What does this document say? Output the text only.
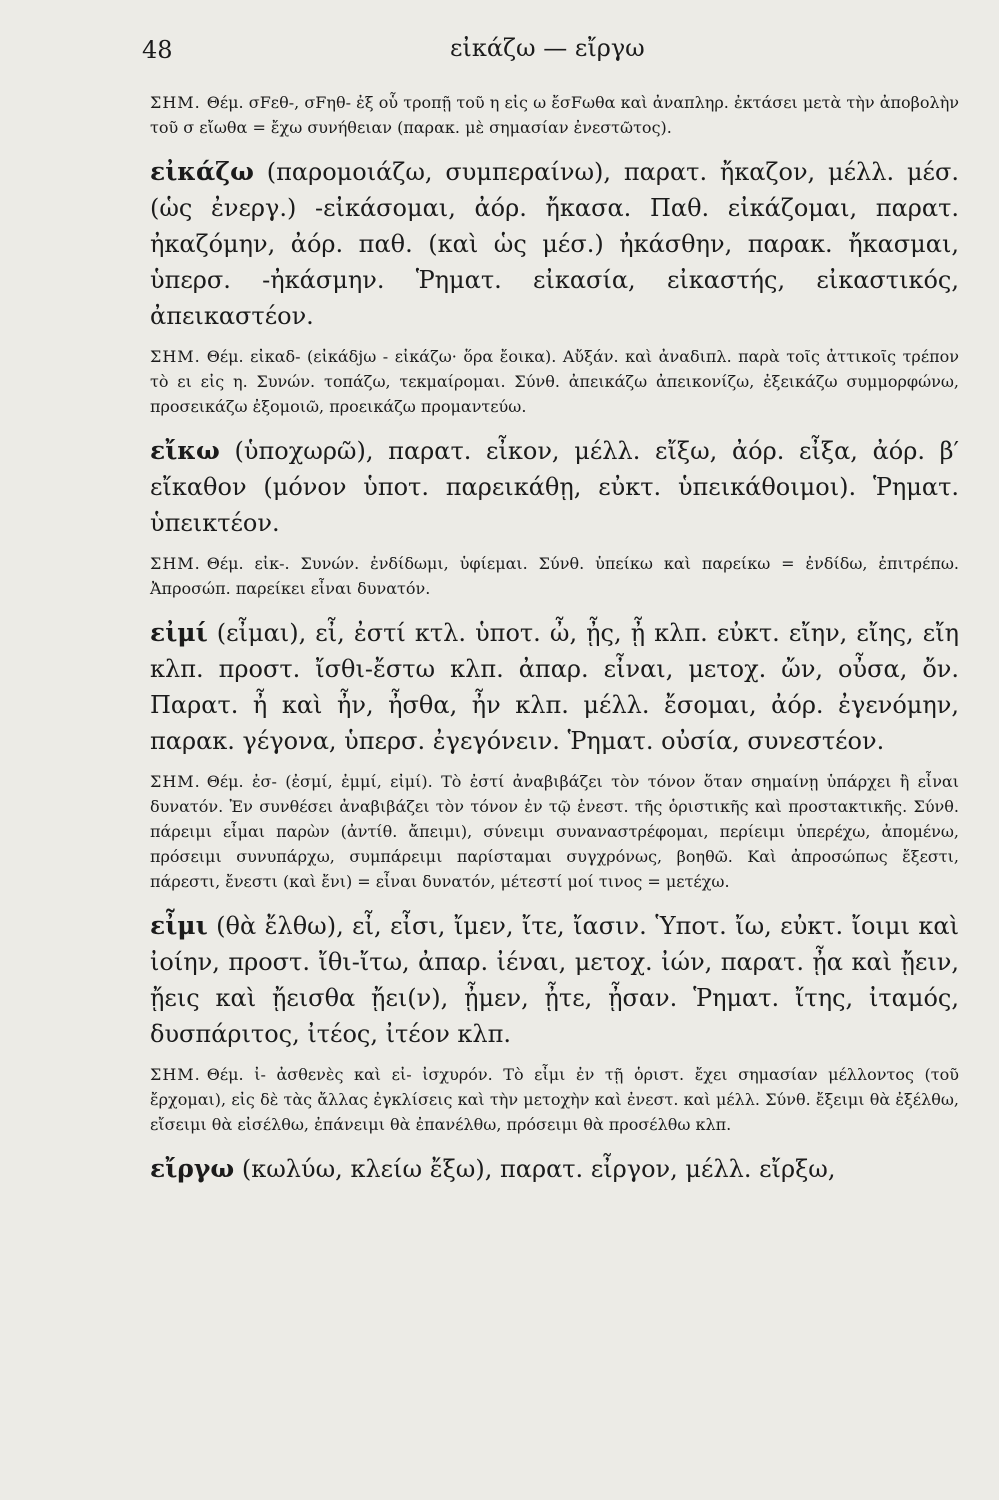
48	εἰκάζω — εἴργω
ΣΗΜ. Θέμ. σFεθ-, σFηθ- ἐξ οὗ τροπῇ τοῦ η εἰς ω ἔσFωθα καὶ ἀναπληρ. ἐκτάσει μετὰ τὴν ἀποβολὴν τοῦ σ εἴωθα = ἔχω συνήθειαν (παρακ. μὲ σημασίαν ἐνεστῶτος).
εἰκάζω (παρομοιάζω, συμπεραίνω), παρατ. ἤκαζον, μέλλ. μέσ. (ὡς ἐνεργ.) -εἰκάσομαι, ἀόρ. ἤκασα. Παθ. εἰκάζομαι, παρατ. ἠκαζόμην, ἀόρ. παθ. (καὶ ὡς μέσ.) ἠκάσθην, παρακ. ἤκασμαι, ὑπερσ. -ἠκάσμην. Ῥηματ. εἰκασία, εἰκαστής, εἰκαστικός, ἀπεικαστέον.
ΣΗΜ. Θέμ. εἰκαδ- (εἰκάδjω - εἰκάζω· ὅρα ἔοικα). Αὔξάν. καὶ ἀναδιπλ. παρὰ τοῖς ἀττικοῖς τρέπον τὸ ει εἰς η. Συνών. τοπάζω, τεκμαίρομαι. Σύνθ. ἀπεικάζω ἀπεικονίζω, ἐξεικάζω συμμορφώνω, προσεικάζω ἐξομοιῶ, προεικάζω προμαντεύω.
εἴκω (ὑποχωρῶ), παρατ. εἶκον, μέλλ. εἴξω, ἀόρ. εἶξα, ἀόρ. β′ εἴκαθον (μόνον ὑποτ. παρεικάθῃ, εὐκτ. ὑπεικάθοιμοι). Ῥηματ. ὑπεικτέον.
ΣΗΜ. Θέμ. εἰκ-. Συνών. ἐνδίδωμι, ὑφίεμαι. Σύνθ. ὑπείκω καὶ παρείκω = ἐνδίδω, ἐπιτρέπω. Ἀπροσώπ. παρείκει εἶναι δυνατόν.
εἰμί (εἶμαι), εἶ, ἐστί κτλ. ὑποτ. ὦ, ᾖς, ᾖ κλπ. εὐκτ. εἴην, εἴης, εἴη κλπ. προστ. ἴσθι-ἔστω κλπ. ἀπαρ. εἶναι, μετοχ. ὤν, οὖσα, ὄν. Παρατ. ἦ καὶ ἦν, ἦσθα, ἦν κλπ. μέλλ. ἔσομαι, ἀόρ. ἐγενόμην, παρακ. γέγονα, ὑπερσ. ἐγεγόνειν. Ῥηματ. οὐσία, συνεστέον.
ΣΗΜ. Θέμ. ἐσ- (ἐσμί, ἐμμί, εἰμί). Τὸ ἐστί ἀναβιβάζει τὸν τόνον ὅταν σημαίνῃ ὑπάρχει ἢ εἶναι δυνατόν. Ἐν συνθέσει ἀναβιβάζει τὸν τόνον ἐν τῷ ἐνεστ. τῆς ὁριστικῆς καὶ προστακτικῆς. Σύνθ. πάρειμι εἶμαι παρὼν (ἀντίθ. ἄπειμι), σύνειμι συναναστρέφομαι, περίειμι ὑπερέχω, ἀπομένω, πρόσειμι συνυπάρχω, συμπάρειμι παρίσταμαι συγχρόνως, βοηθῶ. Καὶ ἀπροσώπως ἔξεστι, πάρεστι, ἔνεστι (καὶ ἔνι) = εἶναι δυνατόν, μέτεστί μοί τινος = μετέχω.
εἶμι (θὰ ἔλθω), εἶ, εἶσι, ἴμεν, ἴτε, ἴασιν. Ὑποτ. ἴω, εὐκτ. ἴοιμι καὶ ἰοίην, προστ. ἴθι-ἴτω, ἀπαρ. ἰέναι, μετοχ. ἰών, παρατ. ᾖα καὶ ᾔειν, ᾔεις καὶ ᾔεισθα ᾔει(ν), ᾖμεν, ᾖτε, ᾖσαν. Ῥηματ. ἴτης, ἰταμός, δυσπάριτος, ἰτέος, ἰτέον κλπ.
ΣΗΜ. Θέμ. ἰ- ἀσθενὲς καὶ εἰ- ἰσχυρόν. Τὸ εἶμι ἐν τῇ ὁριστ. ἔχει σημασίαν μέλλοντος (τοῦ ἔρχομαι), εἰς δὲ τὰς ἄλλας ἐγκλίσεις καὶ τὴν μετοχὴν καὶ ἐνεστ. καὶ μέλλ. Σύνθ. ἔξειμι θὰ ἐξέλθω, εἴσειμι θὰ εἰσέλθω, ἐπάνειμι θὰ ἐπανέλθω, πρόσειμι θὰ προσέλθω κλπ.
εἴργω (κωλύω, κλείω ἔξω), παρατ. εἶργον, μέλλ. εἴρξω,
